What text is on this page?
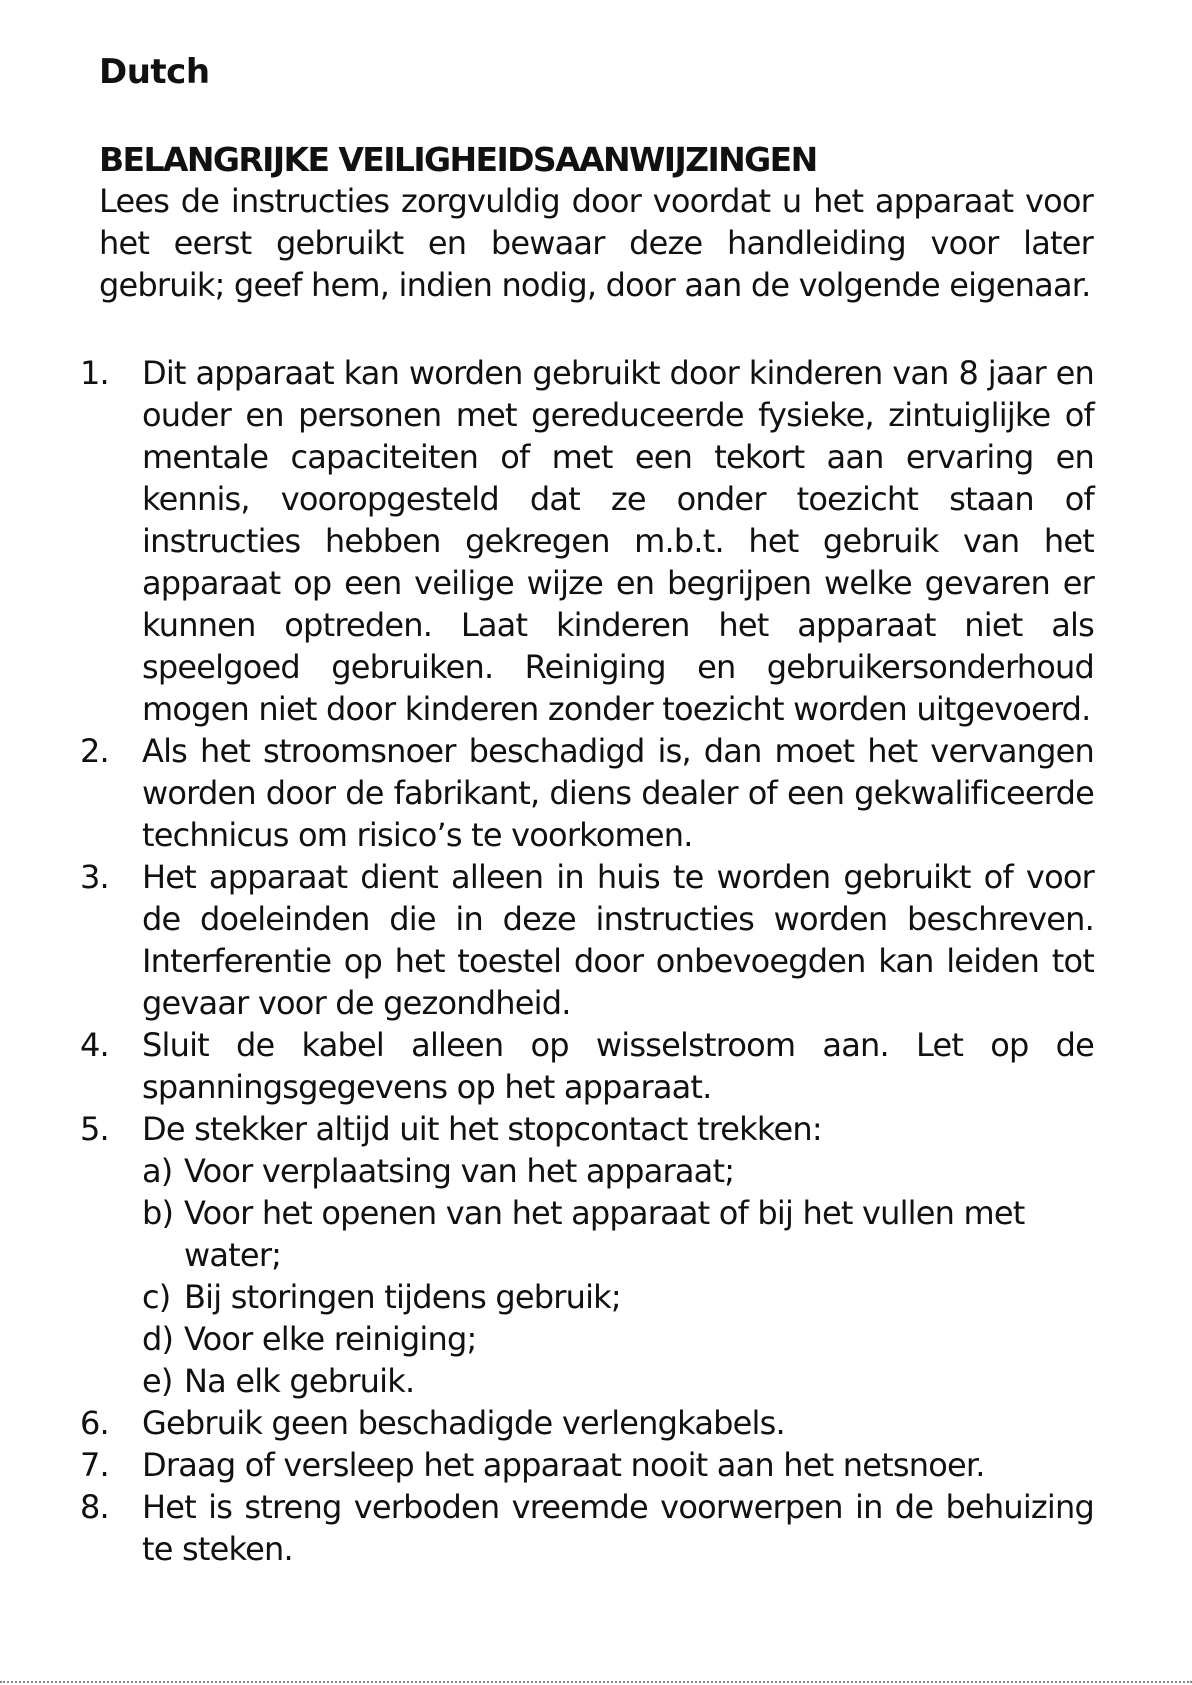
Dutch
BELANGRIJKE VEILIGHEIDSAANWIJZINGEN

Lees de instructies zorgvuldig door voordat u het apparaat voor het eerst gebruikt en bewaar deze handleiding voor later gebruik; geef hem, indien nodig, door aan de volgende eigenaar.

1. Dit apparaat kan worden gebruikt door kinderen van 8 jaar en ouder en personen met gereduceerde fysieke, zintuiglijke of mentale capaciteiten of met een tekort aan ervaring en kennis, vooropgesteld dat ze onder toezicht staan of instructies hebben gekregen m.b.t. het gebruik van het apparaat op een veilige wijze en begrijpen welke gevaren er kunnen optreden. Laat kinderen het apparaat niet als speelgoed gebruiken. Reiniging en gebruikersonderhoud mogen niet door kinderen zonder toezicht worden uitgevoerd.
2. Als het stroomsnoer beschadigd is, dan moet het vervangen worden door de fabrikant, diens dealer of een gekwalificeerde technicus om risico’s te voorkomen.
3. Het apparaat dient alleen in huis te worden gebruikt of voor de doeleinden die in deze instructies worden beschreven. Interferentie op het toestel door onbevoegden kan leiden tot gevaar voor de gezondheid.
4. Sluit de kabel alleen op wisselstroom aan. Let op de spanningsgegevens op het apparaat.
5. De stekker altijd uit het stopcontact trekken:
a) Voor verplaatsing van het apparaat;
b) Voor het openen van het apparaat of bij het vullen met water;
c) Bij storingen tijdens gebruik;
d) Voor elke reiniging;
e) Na elk gebruik.
6. Gebruik geen beschadigde verlengkabels.
7. Draag of versleep het apparaat nooit aan het netsnoer.
8. Het is streng verboden vreemde voorwerpen in de behuizing te steken.
